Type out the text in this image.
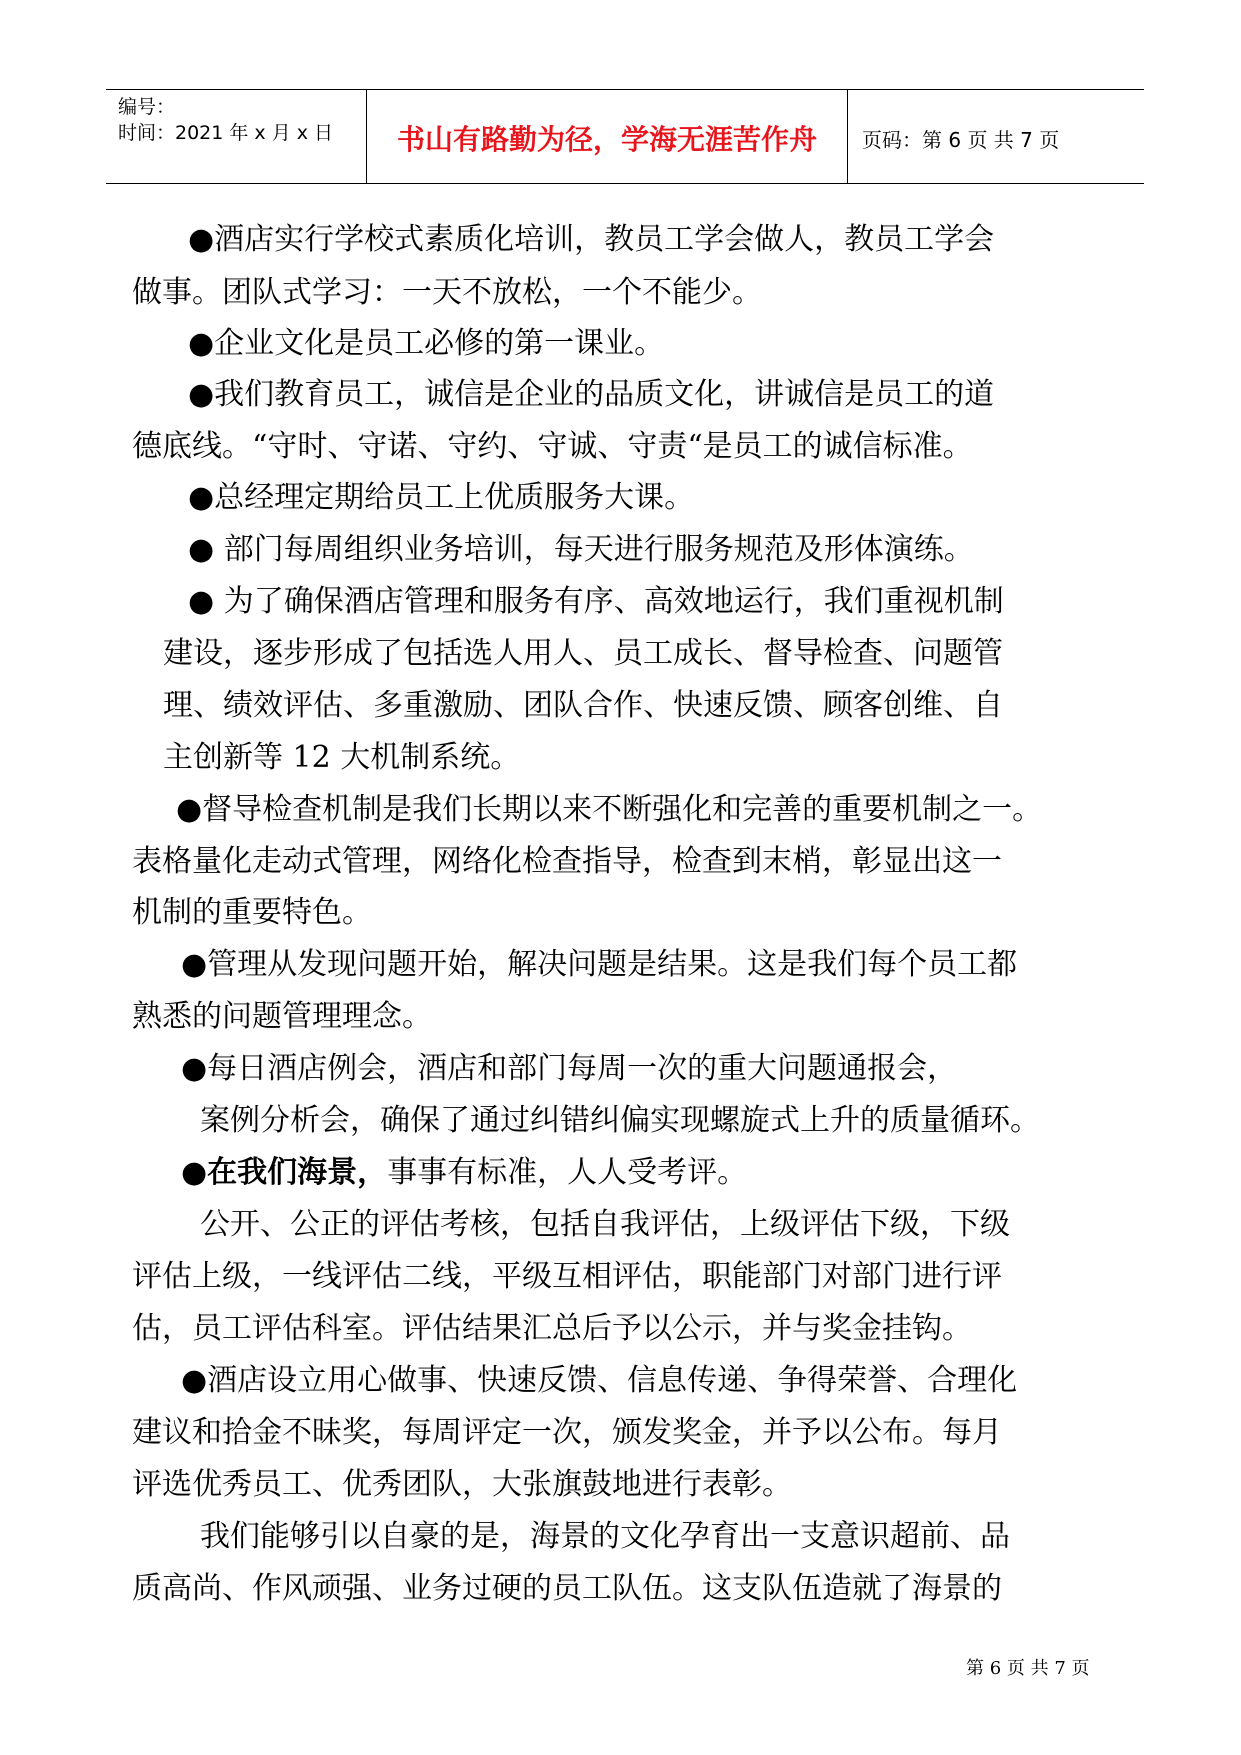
编号：
时间：2021 年 x 月 x 日	书山有路勤为径，学海无涯苦作舟	页码：第 6 页 共 7 页
●酒店实行学校式素质化培训，教员工学会做人，教员工学会
做事。团队式学习：一天不放松，一个不能少。
●企业文化是员工必修的第一课业。
●我们教育员工，诚信是企业的品质文化，讲诚信是员工的道
德底线。“守时、守诺、守约、守诚、守责“是员工的诚信标准。
●总经理定期给员工上优质服务大课。
● 部门每周组织业务培训，每天进行服务规范及形体演练。
● 为了确保酒店管理和服务有序、高效地运行，我们重视机制
建设，逐步形成了包括选人用人、员工成长、督导检查、问题管
理、绩效评估、多重激励、团队合作、快速反馈、顾客创维、自
主创新等 12 大机制系统。
●督导检查机制是我们长期以来不断强化和完善的重要机制之一。
表格量化走动式管理，网络化检查指导，检查到末梢，彰显出这一
机制的重要特色。
●管理从发现问题开始，解决问题是结果。这是我们每个员工都
熟悉的问题管理理念。
●每日酒店例会，酒店和部门每周一次的重大问题通报会，
案例分析会，确保了通过纠错纠偏实现螺旋式上升的质量循环。
●在我们海景，事事有标准，人人受考评。
公开、公正的评估考核，包括自我评估，上级评估下级，下级
评估上级，一线评估二线，平级互相评估，职能部门对部门进行评
估，员工评估科室。评估结果汇总后予以公示，并与奖金挂钩。
●酒店设立用心做事、快速反馈、信息传递、争得荣誉、合理化
建议和拾金不昧奖，每周评定一次，颁发奖金，并予以公布。每月
评选优秀员工、优秀团队，大张旗鼓地进行表彰。
我们能够引以自豪的是，海景的文化孕育出一支意识超前、品
质高尚、作风顽强、业务过硬的员工队伍。这支队伍造就了海景的
第 6 页 共 7 页
